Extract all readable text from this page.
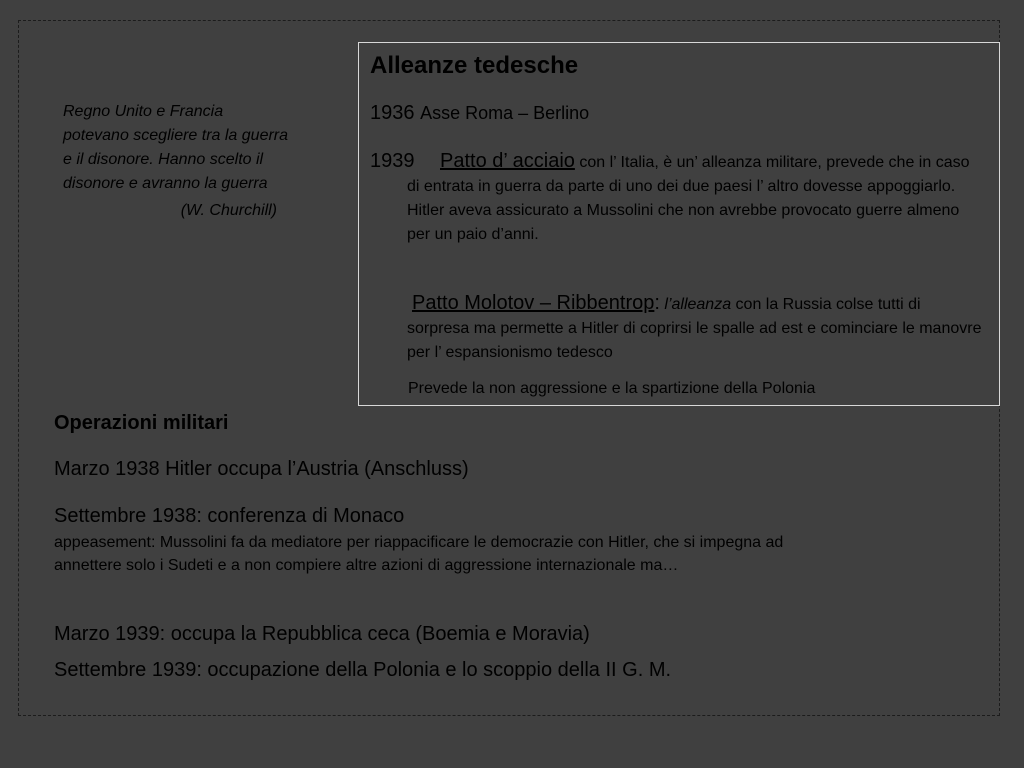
Regno Unito e Francia potevano scegliere tra la guerra e il disonore. Hanno scelto il disonore e avranno la guerra
(W. Churchill)
Alleanze tedesche
1936 Asse Roma – Berlino
1939	Patto d’ acciaio con l’ Italia, è un’ alleanza militare, prevede che in caso di entrata in guerra da parte di uno dei due paesi l’ altro dovesse appoggiarlo. Hitler aveva assicurato a Mussolini che non avrebbe provocato guerre almeno per un paio d’anni.
Patto Molotov – Ribbentrop: l’alleanza con la Russia colse tutti di sorpresa ma permette a Hitler di coprirsi le spalle ad est e cominciare le manovre per l’ espansionismo tedesco
Prevede la non aggressione e la spartizione della Polonia
Operazioni militari
Marzo 1938 Hitler occupa l’Austria (Anschluss)
Settembre 1938: conferenza di Monaco
appeasement: Mussolini fa da mediatore per riappacificare le democrazie con Hitler, che si impegna ad annettere solo i Sudeti e a non compiere altre azioni di aggressione internazionale ma…
Marzo 1939: occupa la Repubblica ceca (Boemia e Moravia)
Settembre 1939: occupazione della Polonia e lo scoppio della II G. M.
